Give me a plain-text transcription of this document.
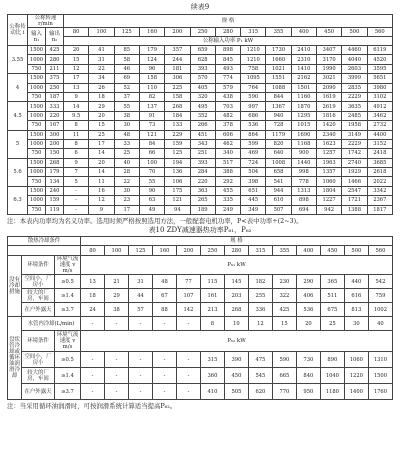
续表9
公称传动比 i	公称转速 r/min		规 格												
	输入 n₁	输出 n₂	80	100	125	160	200	250	280	315	355	400	450	500	560
			公称输入功率 P₁ kW												
3.55	1500	425	20	41	85	179	357	659	898	1210	1730	2410	3407	4460	6119
	1000	280	15	31	58	124	244	628	845	1210	1660	2310	3170	4040	4520
	750	211	12	22	46	96	181	393	493	758	1021	1410	1990	2603	3595
4	1500	375	17	34	69	158	306	570	774	1095	1551	2162	3021	3999	5651
	1000	250	13	26	52	110	225	405	579	764	1088	1501	2090	2835	3980
	750	187	9	18	37	82	158	320	438	590	844	1160	1619	2229	3102
4.5	1500	333	14	29	55	137	268	495	703	997	1367	1870	2619	3635	4912
	1000	220	9.5	20	38	91	184	352	482	686	940	1295	1816	2485	3462
	750	167	8	15	30	73	133	266	378	536	728	1015	1420	1958	2732
5	1500	300	11	25	48	121	229	451	606	864	1179	1690	2340	3149	4400
	1000	200	8	17	33	84	159	343	462	599	820	1168	1623	2229	3152
	750	150	6	14	25	66	125	251	340	469	640	900	1257	1742	2418
5.6	1500	268	9	20	40	100	194	393	517	724	1008	1440	1963	2740	3685
	1000	179	7	14	28	70	136	284	388	504	658	998	1357	1929	2618
	750	134	5	11	22	55	106	220	292	398	541	778	1060	1466	2022
6.3	1500	240	-	16	30	90	175	363	455	651	944	1313	1804	2547	3342
	1000	159	-	12	23	63	121	265	335	445	610	898	1227	1721	2367
	750	119	-	9	17	49	94	189	249	349	507	694	942	1388	1817
注：本表内功率均为名义功率。选用时须严格按照选用方法，一般配套电机功率，P<表中功率÷(2~3)。
表10 ZDY减速器热功率P₆₁，P₆₂
散热冷却条件			规 格												
			80	100	125	160	200	250	280	315	355	400	450	500	560
没有冷却措施	环境条件	环境气流速度 v m/s	P₆₁ kW												
	空间小，厂房小	≥0.5	13	21	31	48	77	115	145	182	230	290	365	440	542
	较大的厂房，车间	≥1.4	18	29	44	67	107	161	203	255	322	406	511	616	759
	在户外露天	≥3.7	24	38	57	88	142	213	268	336	425	536	675	813	1002
盘状管冷却或循环油润滑冷却	水管内冷却(L/min)		-	-	-	-	-	8	10	12	15	20	25	30	40
	环境条件	环境气流速度 v m/s	P₆₂ kW												
	空间小，厂房小	≥0.5	-	-	-	-	-	315	390	475	590	730	890	1060	1310
	较大的厂房，车间	≥1.4	-	-	-	-	-	360	450	545	665	840	1040	1220	1500
	在户外露天	≥3.7	-	-	-	-	-	410	505	620	770	950	1180	1400	1760
注：当采用循环油润滑时，可按润滑系统计算适当提高P₆₂。
